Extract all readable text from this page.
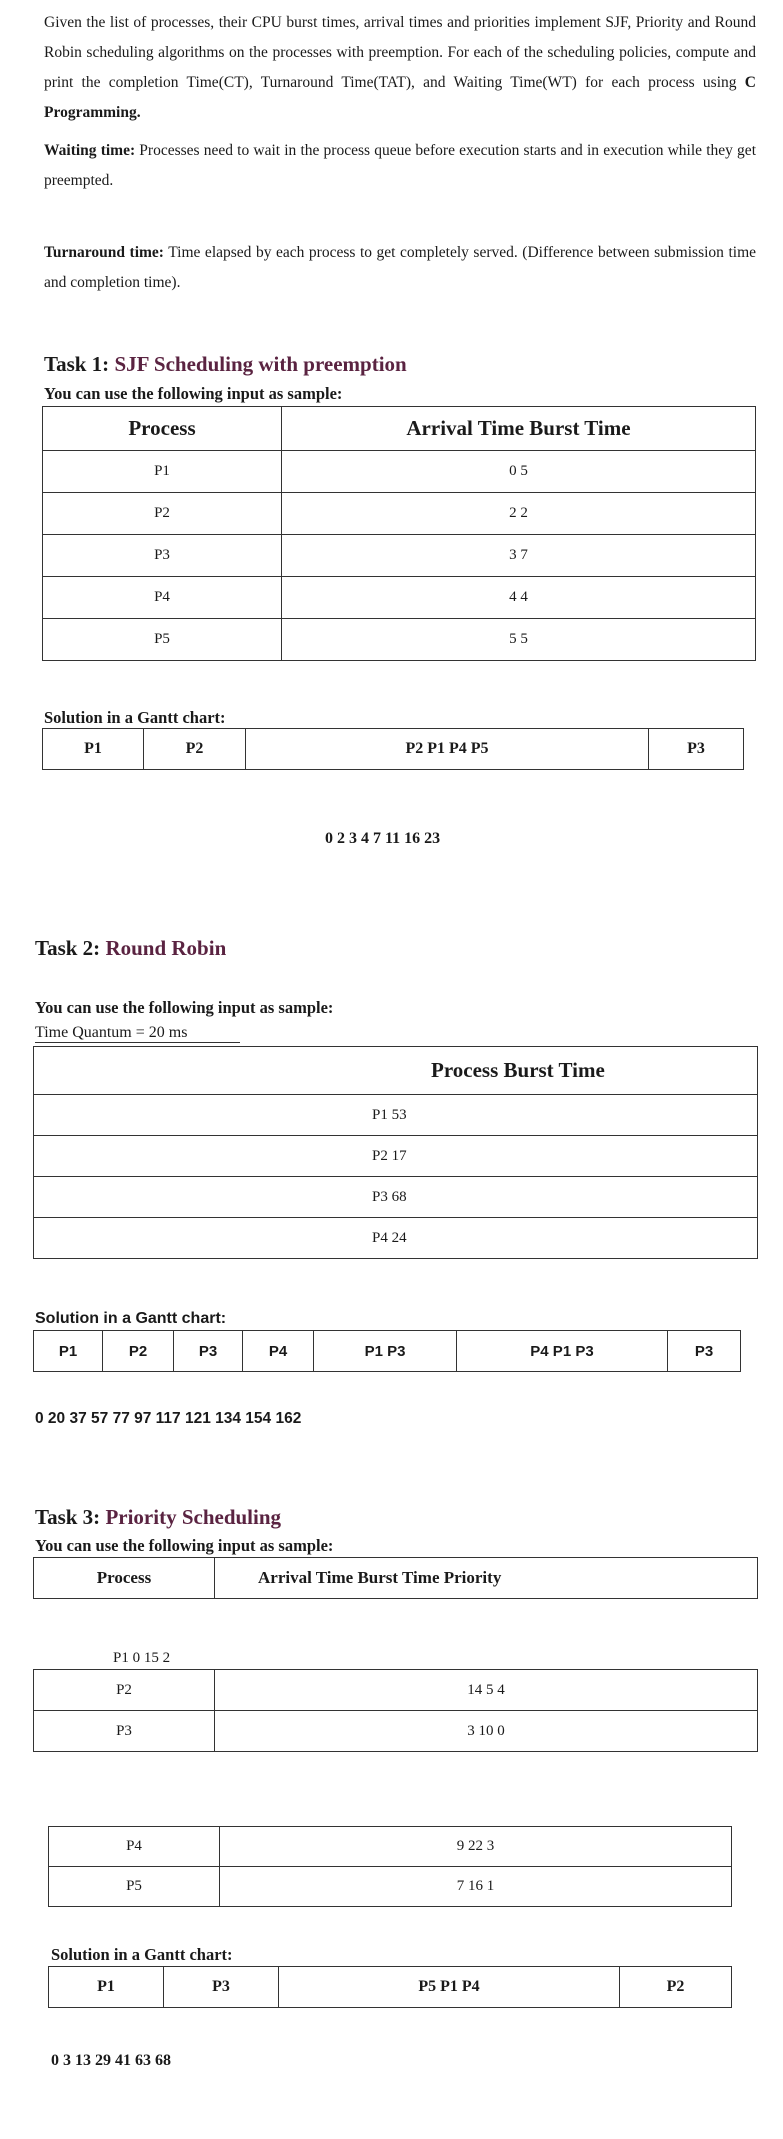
Given the list of processes, their CPU burst times, arrival times and priorities implement SJF, Priority and Round Robin scheduling algorithms on the processes with preemption. For each of the scheduling policies, compute and print the completion Time(CT), Turnaround Time(TAT), and Waiting Time(WT) for each process using C Programming.
Waiting time: Processes need to wait in the process queue before execution starts and in execution while they get preempted.
Turnaround time: Time elapsed by each process to get completely served. (Difference between submission time and completion time).
Task 1: SJF Scheduling with preemption
You can use the following input as sample:
Process	Arrival Time Burst Time
P1	0 5
P2	2 2
P3	3 7
P4	4 4
P5	5 5
Solution in a Gantt chart:
P1	P2	P2 P1 P4 P5	P3
0 2 3 4 7 11 16 23
Task 2: Round Robin
You can use the following input as sample:
Time Quantum = 20 ms
Process Burst Time
P1 53
P2 17
P3 68
P4 24
Solution in a Gantt chart:
P1	P2	P3	P4	P1 P3	P4 P1 P3	P3
0 20 37 57 77 97 117 121 134 154 162
Task 3: Priority Scheduling
You can use the following input as sample:
Process	Arrival Time Burst Time Priority
P1 0 15 2
P2	14 5 4
P3	3 10 0
P4	9 22 3
P5	7 16 1
Solution in a Gantt chart:
P1	P3	P5 P1 P4	P2
0 3 13 29 41 63 68
